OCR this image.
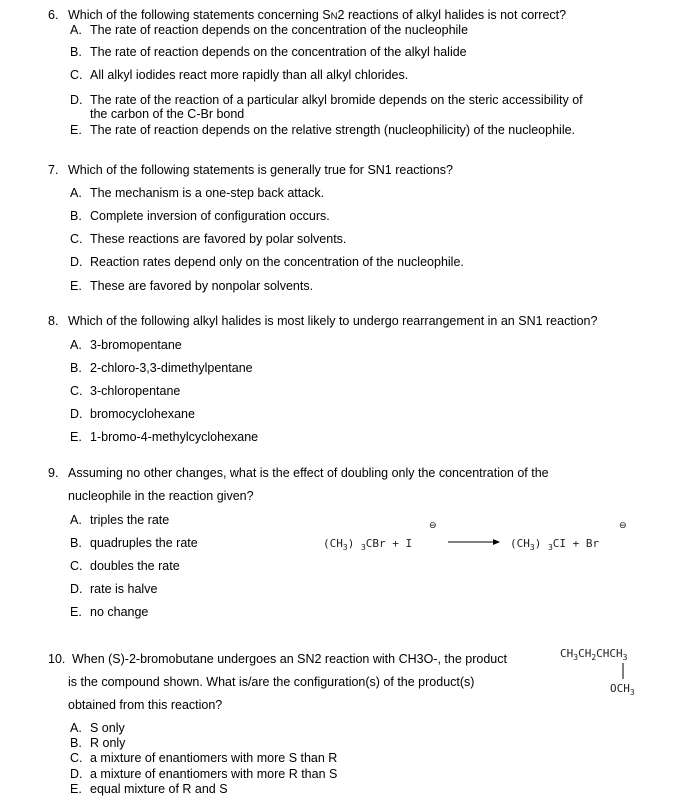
6. Which of the following statements concerning SN2 reactions of alkyl halides is not correct?
A. The rate of reaction depends on the concentration of the nucleophile
B. The rate of reaction depends on the concentration of the alkyl halide
C. All alkyl iodides react more rapidly than all alkyl chlorides.
D. The rate of the reaction of a particular alkyl bromide depends on the steric accessibility of
the carbon of the C-Br bond
E. The rate of reaction depends on the relative strength (nucleophilicity) of the nucleophile.
7. Which of the following statements is generally true for SN1 reactions?
A. The mechanism is a one-step back attack.
B. Complete inversion of configuration occurs.
C. These reactions are favored by polar solvents.
D. Reaction rates depend only on the concentration of the nucleophile.
E. These are favored by nonpolar solvents.
8. Which of the following alkyl halides is most likely to undergo rearrangement in an SN1 reaction?
A. 3-bromopentane
B. 2-chloro-3,3-dimethylpentane
C. 3-chloropentane
D. bromocyclohexane
E. 1-bromo-4-methylcyclohexane
9. Assuming no other changes, what is the effect of doubling only the concentration of the
nucleophile in the reaction given?
A. triples the rate
B. quadruples the rate
C. doubles the rate
D. rate is halve
E. no change
$(CH_3) _3CBr + I$
⊖
$(CH_3) _3CI + Br$
⊖
10. When (S)-2-bromobutane undergoes an SN2 reaction with CH3O-, the product
is the compound shown. What is/are the configuration(s) of the product(s)
obtained from this reaction?
$CH_3CH_2CHCH_3$
$OCH_3$
A. S only
B. R only
C. a mixture of enantiomers with more S than R
D. a mixture of enantiomers with more R than S
E. equal mixture of R and S
